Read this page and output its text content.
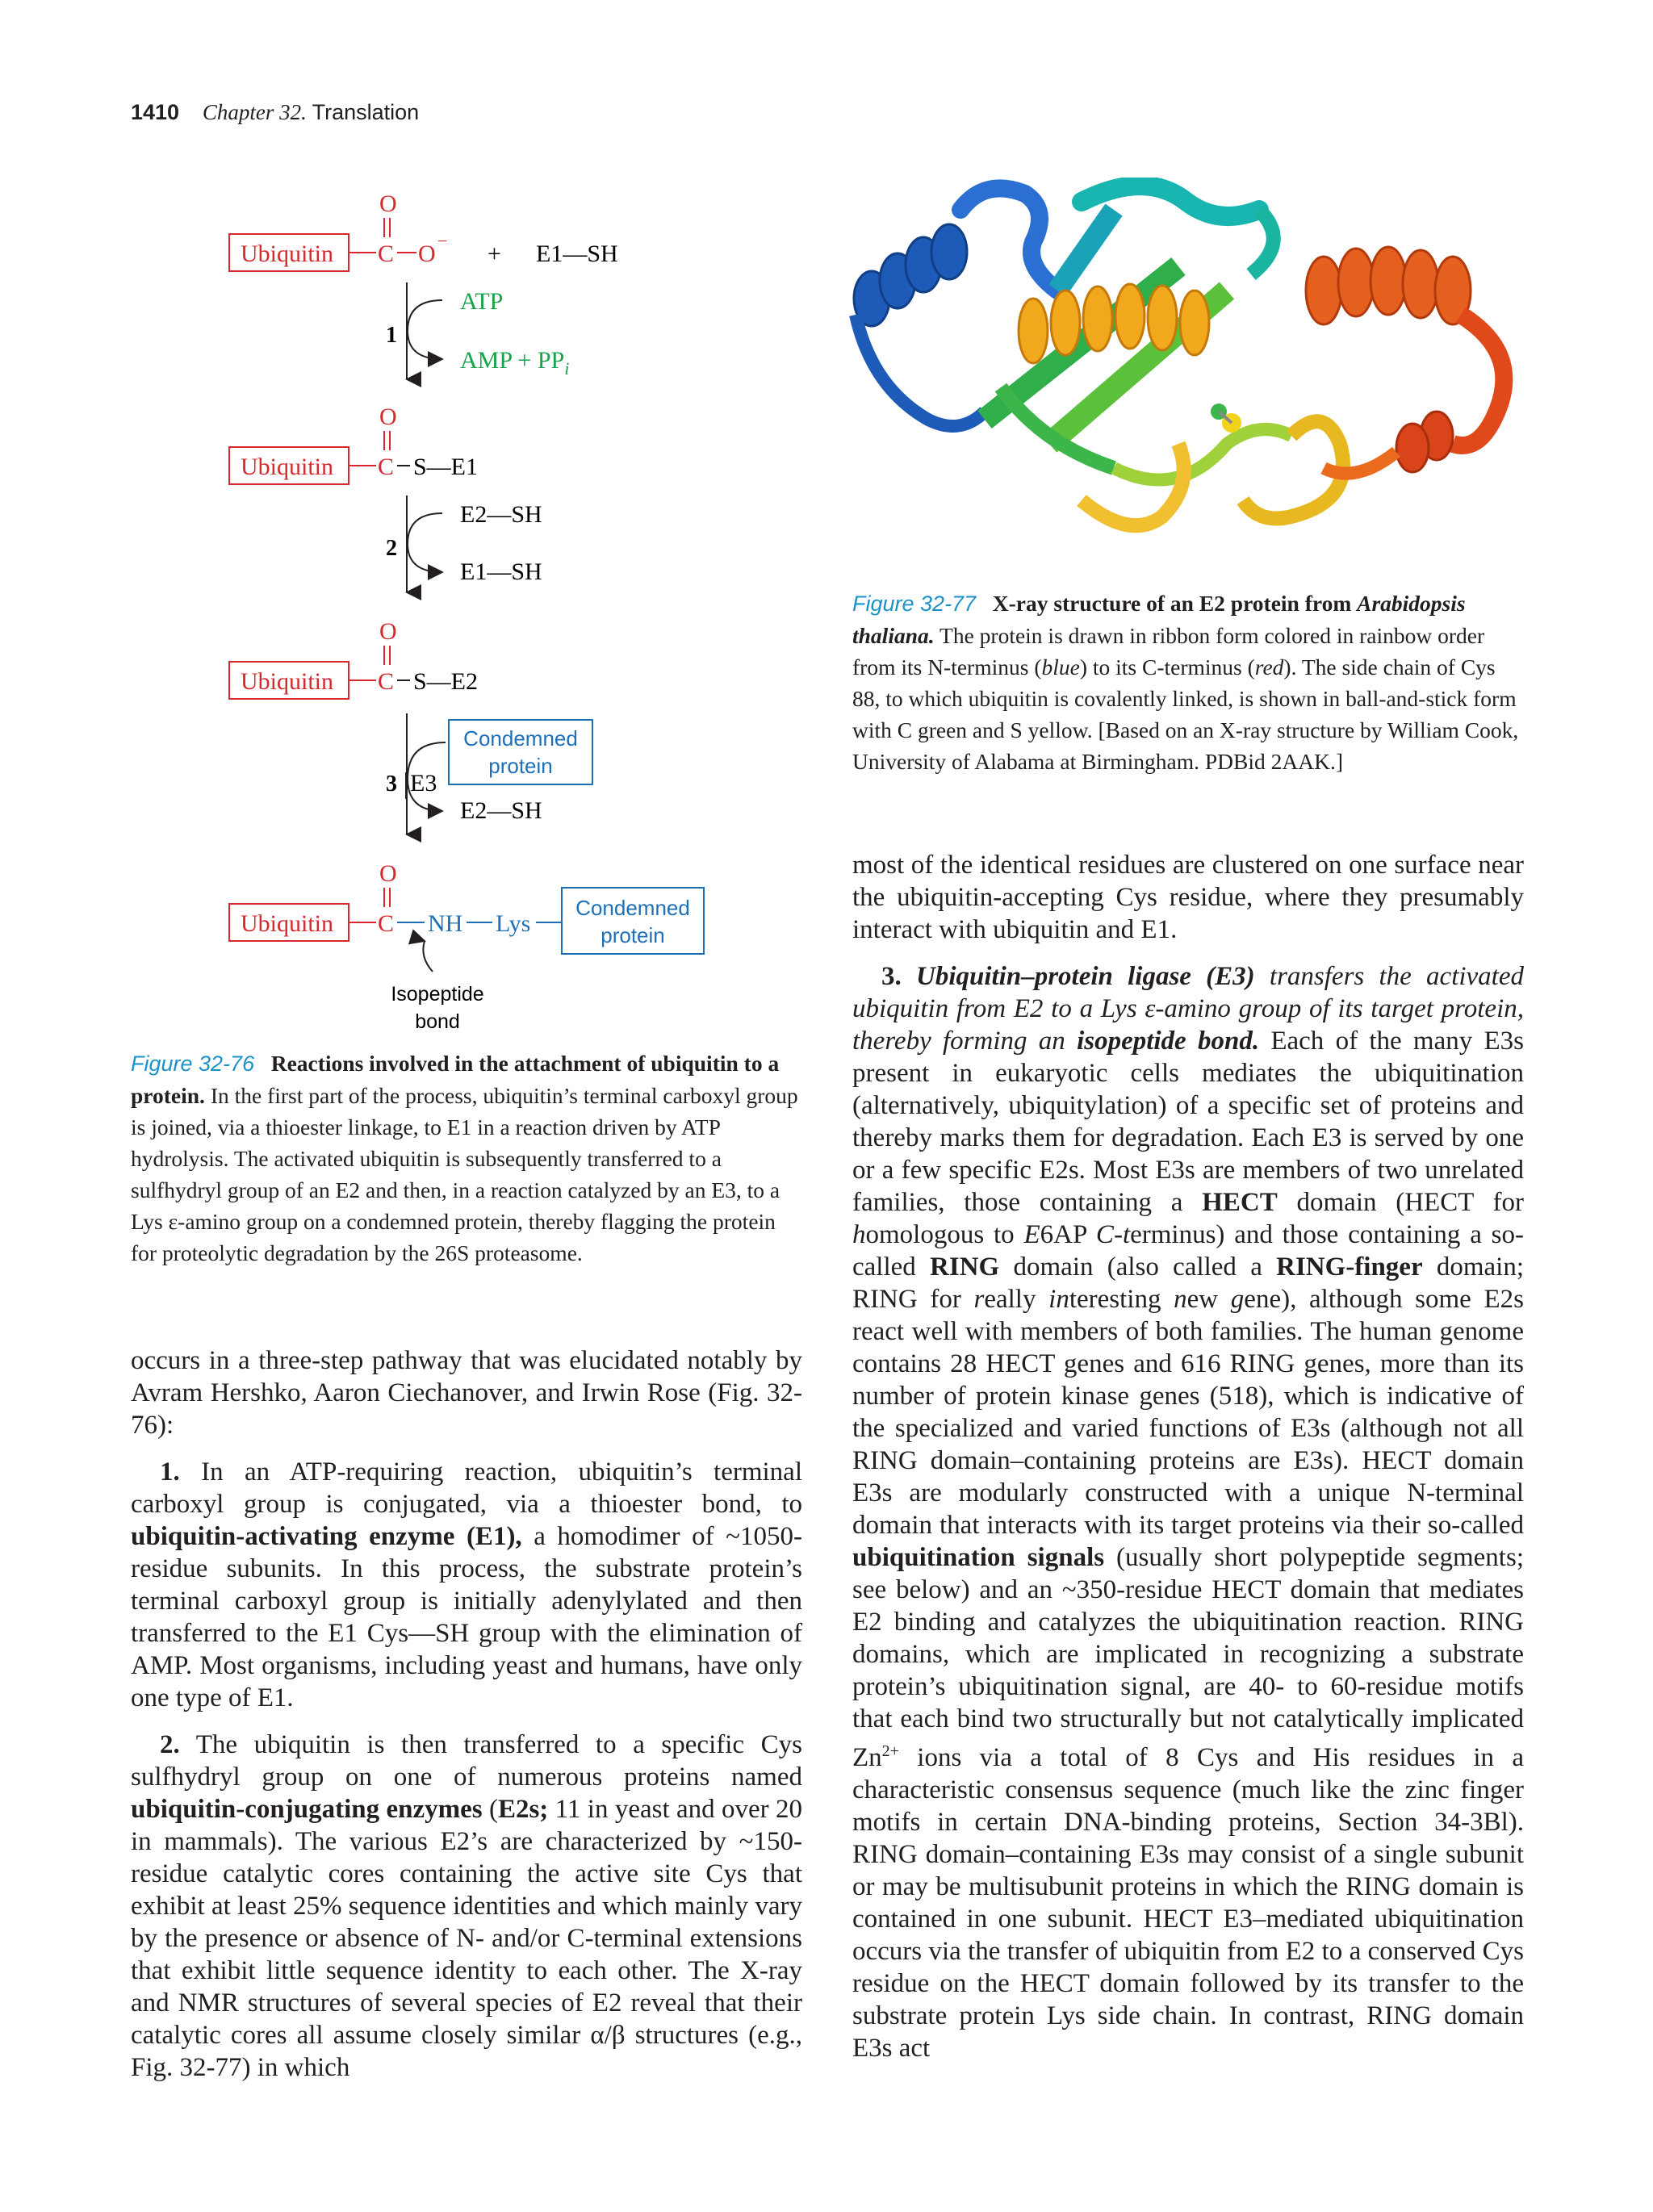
1410 Chapter 32. Translation
Ubiquitin
O
C O − + E1—SH
1
ATP
AMP + $PP_i$
Ubiquitin
O
C S—E1
2
E2—SH
E1—SH
Ubiquitin
O
C S—E2
Condemned
protein
3 E3
E2—SH
Ubiquitin
O
C NH Lys
Condemned
protein
Isopeptide
bond
Figure 32-76 Reactions involved in the attachment of ubiquitin to a protein. In the first part of the process, ubiquitin’s terminal carboxyl group is joined, via a thioester linkage, to E1 in a reaction driven by ATP hydrolysis. The activated ubiquitin is subsequently transferred to a sulfhydryl group of an E2 and then, in a reaction catalyzed by an E3, to a Lys ε-amino group on a condemned protein, thereby flagging the protein for proteolytic degradation by the 26S proteasome.
Figure 32-77 X-ray structure of an E2 protein from Arabidopsis thaliana. The protein is drawn in ribbon form colored in rainbow order from its N-terminus (blue) to its C-terminus (red). The side chain of Cys 88, to which ubiquitin is covalently linked, is shown in ball-and-stick form with C green and S yellow. [Based on an X-ray structure by William Cook, University of Alabama at Birmingham. PDBid 2AAK.]

occurs in a three-step pathway that was elucidated notably by Avram Hershko, Aaron Ciechanover, and Irwin Rose (Fig. 32-76):

1. In an ATP-requiring reaction, ubiquitin’s terminal carboxyl group is conjugated, via a thioester bond, to ubiquitin-activating enzyme (E1), a homodimer of ~1050-residue subunits. In this process, the substrate protein’s terminal carboxyl group is initially adenylylated and then transferred to the E1 Cys—SH group with the elimination of AMP. Most organisms, including yeast and humans, have only one type of E1.

2. The ubiquitin is then transferred to a specific Cys sulfhydryl group on one of numerous proteins named ubiquitin-conjugating enzymes (E2s; 11 in yeast and over 20 in mammals). The various E2’s are characterized by ~150-residue catalytic cores containing the active site Cys that exhibit at least 25% sequence identities and which mainly vary by the presence or absence of N- and/or C-terminal extensions that exhibit little sequence identity to each other. The X-ray and NMR structures of several species of E2 reveal that their catalytic cores all assume closely similar α/β structures (e.g., Fig. 32-77) in which

most of the identical residues are clustered on one surface near the ubiquitin-accepting Cys residue, where they presumably interact with ubiquitin and E1.

3. Ubiquitin–protein ligase (E3) transfers the activated ubiquitin from E2 to a Lys ε-amino group of its target protein, thereby forming an isopeptide bond. Each of the many E3s present in eukaryotic cells mediates the ubiquitination (alternatively, ubiquitylation) of a specific set of proteins and thereby marks them for degradation. Each E3 is served by one or a few specific E2s. Most E3s are members of two unrelated families, those containing a HECT domain (HECT for homologous to E6AP C-terminus) and those containing a so-called RING domain (also called a RING-finger domain; RING for really interesting new gene), although some E2s react well with members of both families. The human genome contains 28 HECT genes and 616 RING genes, more than its number of protein kinase genes (518), which is indicative of the specialized and varied functions of E3s (although not all RING domain–containing proteins are E3s). HECT domain E3s are modularly constructed with a unique N-terminal domain that interacts with its target proteins via their so-called ubiquitination signals (usually short polypeptide segments; see below) and an ~350-residue HECT domain that mediates E2 binding and catalyzes the ubiquitination reaction. RING domains, which are implicated in recognizing a substrate protein’s ubiquitination signal, are 40- to 60-residue motifs that each bind two structurally but not catalytically implicated $Zn^{2+}$ ions via a total of 8 Cys and His residues in a characteristic consensus sequence (much like the zinc finger motifs in certain DNA-binding proteins, Section 34-3Bl). RING domain–containing E3s may consist of a single subunit or may be multisubunit proteins in which the RING domain is contained in one subunit. HECT E3–mediated ubiquitination occurs via the transfer of ubiquitin from E2 to a conserved Cys residue on the HECT domain followed by its transfer to the substrate protein Lys side chain. In contrast, RING domain E3s act
